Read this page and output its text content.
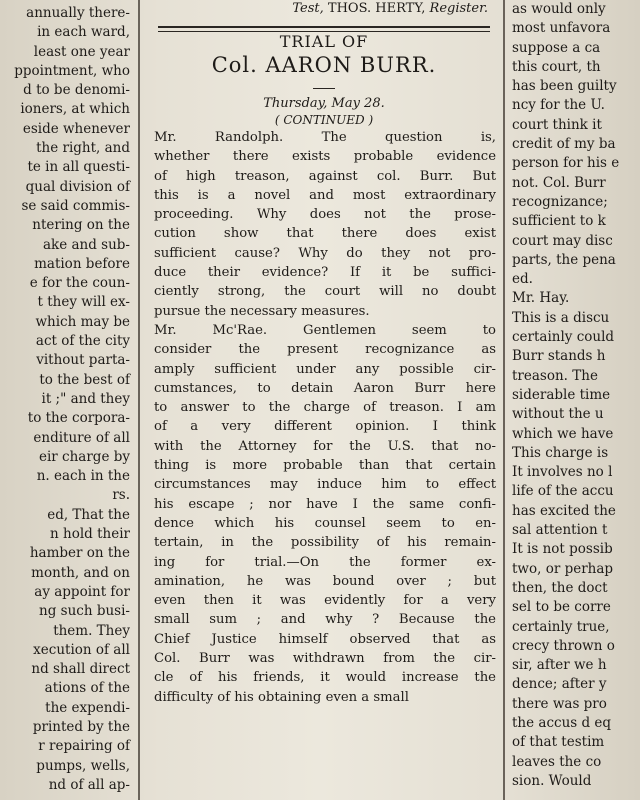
annually there-

in each ward,

least one year

ppointment, who

d to be denomi-

ioners, at which

eside whenever

the right, and

te in all questi-

qual division of

se said commis-

ntering on the

ake and sub-

mation before

e for the coun-

t they will ex-

which may be

act of the city

vithout parta-

to the best of

it ;" and they

to the corpora-

enditure of all

eir charge by

n. each in the

rs.

ed, That the

n hold their

hamber on the

month, and on

ay appoint for

ng such busi-

them. They

xecution of all

nd shall direct

ations of the

the expendi-

printed by the

r repairing of

pumps, wells,

nd of all ap-

Test, THOS. HERTY, Register.

TRIAL OF

Col. AARON BURR.

Thursday, May 28.

( CONTINUED )

Mr. Randolph. The question is,

whether there exists probable evidence

of high treason, against col. Burr. But

this is a novel and most extraordinary

proceeding. Why does not the prose-

cution show that there does exist

sufficient cause? Why do they not pro-

duce their evidence? If it be suffici-

ciently strong, the court will no doubt

pursue the necessary measures.

Mr. Mc'Rae. Gentlemen seem to

consider the present recognizance as

amply sufficient under any possible cir-

cumstances, to detain Aaron Burr here

to answer to the charge of treason. I am

of a very different opinion. I think

with the Attorney for the U.S. that no-

thing is more probable than that certain

circumstances may induce him to effect

his escape ; nor have I the same confi-

dence which his counsel seem to en-

tertain, in the possibility of his remain-

ing for trial.—On the former ex-

amination, he was bound over ; but

even then it was evidently for a very

small sum ; and why ? Because the

Chief Justice himself observed that as

Col. Burr was withdrawn from the cir-

cle of his friends, it would increase the

difficulty of his obtaining even a small

as would only

most unfavora

suppose a ca

this court, th

has been guilty

ncy for the U.

court think it

credit of my ba

person for his e

not. Col. Burr

recognizance;

sufficient to k

court may disc

parts, the pena

ed.

Mr. Hay.

This is a discu

certainly could

Burr stands h

treason. The

siderable time

without the u

which we have

This charge is

It involves no l

life of the accu

has excited the

sal attention t

It is not possib

two, or perhap

then, the doct

sel to be corre

certainly true,

crecy thrown o

sir, after we h

dence; after y

there was pro

the accus d eq

of that testim

leaves the co

sion. Would
